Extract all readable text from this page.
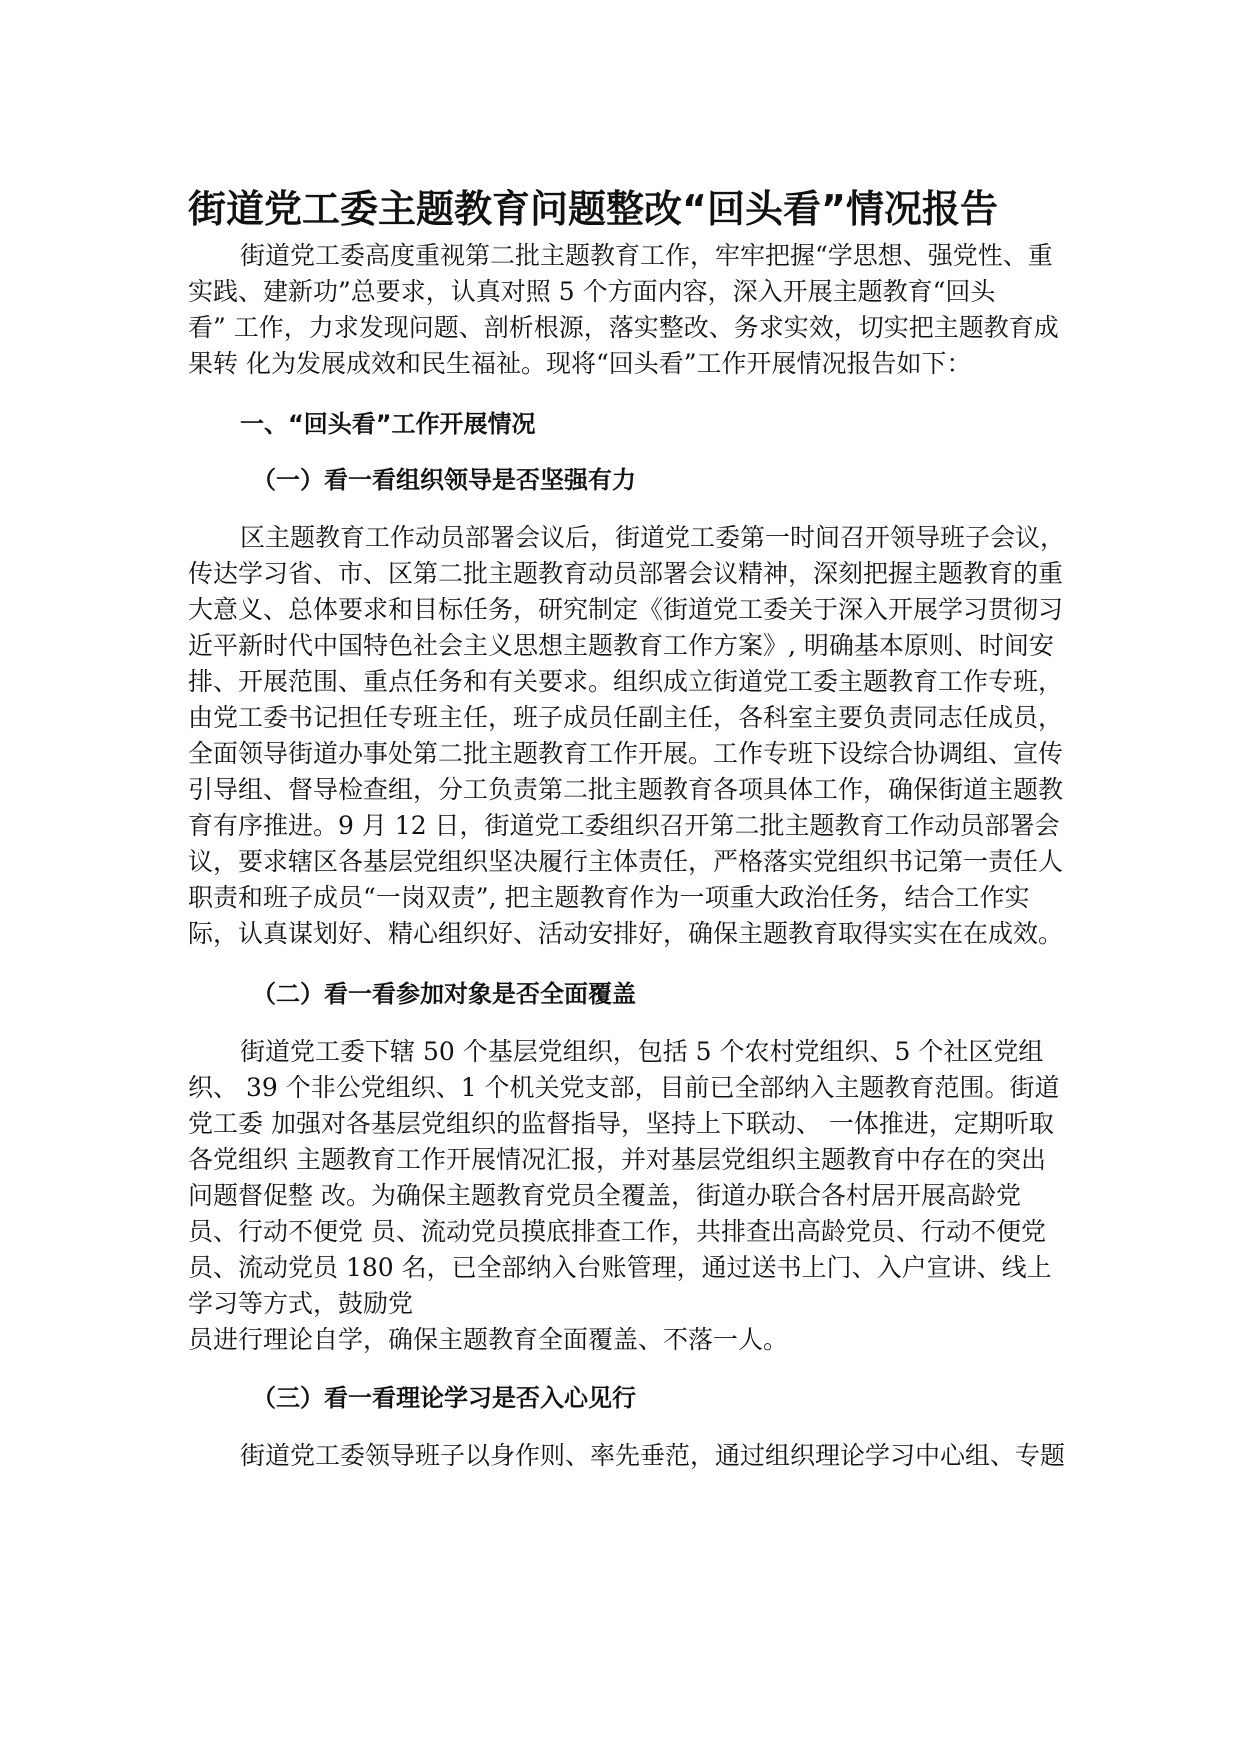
街道党工委主题教育问题整改“回头看”情况报告

街道党工委高度重视第二批主题教育工作，牢牢把握“学思想、强党性、重

实践、建新功”总要求，认真对照 5 个方面内容，深入开展主题教育“回头

看” 工作，力求发现问题、剖析根源，落实整改、务求实效，切实把主题教育成

果转 化为发展成效和民生福祉。现将“回头看”工作开展情况报告如下：

一、“回头看”工作开展情况
（一）看一看组织领导是否坚强有力

区主题教育工作动员部署会议后，街道党工委第一时间召开领导班子会议，

传达学习省、市、区第二批主题教育动员部署会议精神，深刻把握主题教育的重

大意义、总体要求和目标任务，研究制定《街道党工委关于深入开展学习贯彻习

近平新时代中国特色社会主义思想主题教育工作方案》, 明确基本原则、时间安

排、开展范围、重点任务和有关要求。组织成立街道党工委主题教育工作专班，

由党工委书记担任专班主任，班子成员任副主任，各科室主要负责同志任成员，

全面领导街道办事处第二批主题教育工作开展。工作专班下设综合协调组、宣传

引导组、督导检查组，分工负责第二批主题教育各项具体工作，确保街道主题教

育有序推进。9 月 12 日，街道党工委组织召开第二批主题教育工作动员部署会

议，要求辖区各基层党组织坚决履行主体责任，严格落实党组织书记第一责任人

职责和班子成员“一岗双责”, 把主题教育作为一项重大政治任务，结合工作实

际，认真谋划好、精心组织好、活动安排好，确保主题教育取得实实在在成效。

（二）看一看参加对象是否全面覆盖

街道党工委下辖 50 个基层党组织，包括 5 个农村党组织、5 个社区党组

织、 39 个非公党组织、1 个机关党支部，目前已全部纳入主题教育范围。街道

党工委 加强对各基层党组织的监督指导，坚持上下联动、 一体推进，定期听取

各党组织 主题教育工作开展情况汇报，并对基层党组织主题教育中存在的突出

问题督促整 改。为确保主题教育党员全覆盖，街道办联合各村居开展高龄党

员、行动不便党 员、流动党员摸底排查工作，共排查出高龄党员、行动不便党

员、流动党员 180 名，已全部纳入台账管理，通过送书上门、入户宣讲、线上

学习等方式，鼓励党

员进行理论自学，确保主题教育全面覆盖、不落一人。

（三）看一看理论学习是否入心见行

街道党工委领导班子以身作则、率先垂范，通过组织理论学习中心组、专题
